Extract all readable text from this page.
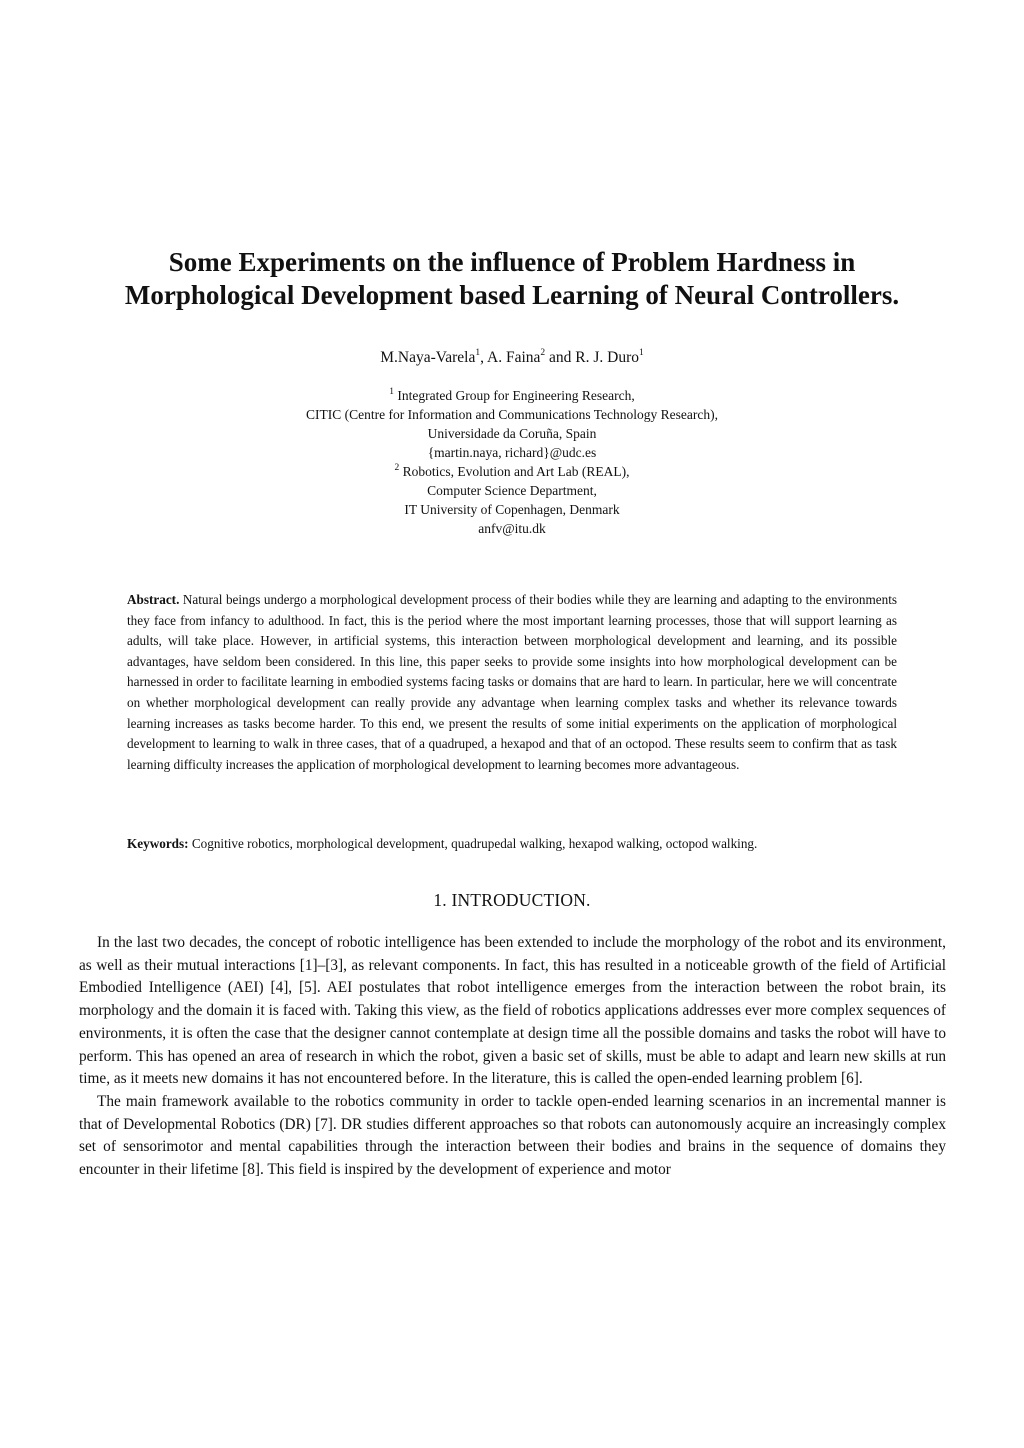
Some Experiments on the influence of Problem Hardness in
Morphological Development based Learning of Neural Controllers.
M.Naya-Varela$^1$, A. Faina$^2$ and R. J. Duro$^1$
$^1$ Integrated Group for Engineering Research,
CITIC (Centre for Information and Communications Technology Research),
Universidade da Coruña, Spain
{martin.naya, richard}@udc.es
$^2$ Robotics, Evolution and Art Lab (REAL),
Computer Science Department,
IT University of Copenhagen, Denmark
anfv@itu.dk
Abstract. Natural beings undergo a morphological development process of their bodies while they are learning and adapting to the environments they face from infancy to adulthood. In fact, this is the period where the most important learning processes, those that will support learning as adults, will take place. However, in artificial systems, this interaction between morphological development and learning, and its possible advantages, have seldom been considered. In this line, this paper seeks to provide some insights into how morphological development can be harnessed in order to facilitate learning in embodied systems facing tasks or domains that are hard to learn. In particular, here we will concentrate on whether morphological development can really provide any advantage when learning complex tasks and whether its relevance towards learning increases as tasks become harder. To this end, we present the results of some initial experiments on the application of morphological development to learning to walk in three cases, that of a quadruped, a hexapod and that of an octopod. These results seem to confirm that as task learning difficulty increases the application of morphological development to learning becomes more advantageous.
Keywords: Cognitive robotics, morphological development, quadrupedal walking, hexapod walking, octopod walking.
1. INTRODUCTION.

In the last two decades, the concept of robotic intelligence has been extended to include the morphology of the robot and its environment, as well as their mutual interactions [1]–[3], as relevant components. In fact, this has resulted in a noticeable growth of the field of Artificial Embodied Intelligence (AEI) [4], [5]. AEI postulates that robot intelligence emerges from the interaction between the robot brain, its morphology and the domain it is faced with. Taking this view, as the field of robotics applications addresses ever more complex sequences of environments, it is often the case that the designer cannot contemplate at design time all the possible domains and tasks the robot will have to perform. This has opened an area of research in which the robot, given a basic set of skills, must be able to adapt and learn new skills at run time, as it meets new domains it has not encountered before. In the literature, this is called the open-ended learning problem [6].

The main framework available to the robotics community in order to tackle open-ended learning scenarios in an incremental manner is that of Developmental Robotics (DR) [7]. DR studies different approaches so that robots can autonomously acquire an increasingly complex set of sensorimotor and mental capabilities through the interaction between their bodies and brains in the sequence of domains they encounter in their lifetime [8]. This field is inspired by the development of experience and motor
